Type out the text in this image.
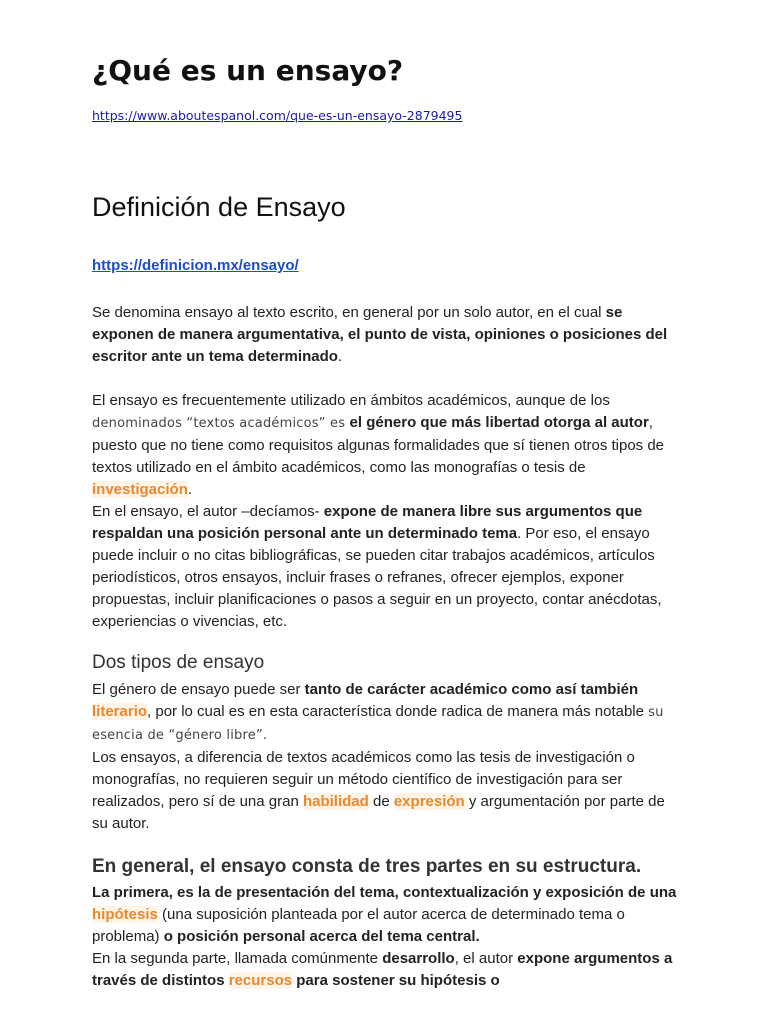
¿Qué es un ensayo?
https://www.aboutespanol.com/que-es-un-ensayo-2879495
Definición de Ensayo
https://definicion.mx/ensayo/

Se denomina ensayo al texto escrito, en general por un solo autor, en el cual se exponen de manera argumentativa, el punto de vista, opiniones o posiciones del escritor ante un tema determinado.

El ensayo es frecuentemente utilizado en ámbitos académicos, aunque de los denominados “textos académicos” es el género que más libertad otorga al autor, puesto que no tiene como requisitos algunas formalidades que sí tienen otros tipos de textos utilizado en el ámbito académicos, como las monografías o tesis de investigación.

En el ensayo, el autor –decíamos- expone de manera libre sus argumentos que respaldan una posición personal ante un determinado tema. Por eso, el ensayo puede incluir o no citas bibliográficas, se pueden citar trabajos académicos, artículos periodísticos, otros ensayos, incluir frases o refranes, ofrecer ejemplos, exponer propuestas, incluir planificaciones o pasos a seguir en un proyecto, contar anécdotas, experiencias o vivencias, etc.

Dos tipos de ensayo

El género de ensayo puede ser tanto de carácter académico como así también literario, por lo cual es en esta característica donde radica de manera más notable su esencia de “género libre”.

Los ensayos, a diferencia de textos académicos como las tesis de investigación o monografías, no requieren seguir un método científico de investigación para ser realizados, pero sí de una gran habilidad de expresión y argumentación por parte de su autor.

En general, el ensayo consta de tres partes en su estructura.

La primera, es la de presentación del tema, contextualización y exposición de una hipótesis (una suposición planteada por el autor acerca de determinado tema o problema) o posición personal acerca del tema central.

En la segunda parte, llamada comúnmente desarrollo, el autor expone argumentos a través de distintos recursos para sostener su hipótesis o
